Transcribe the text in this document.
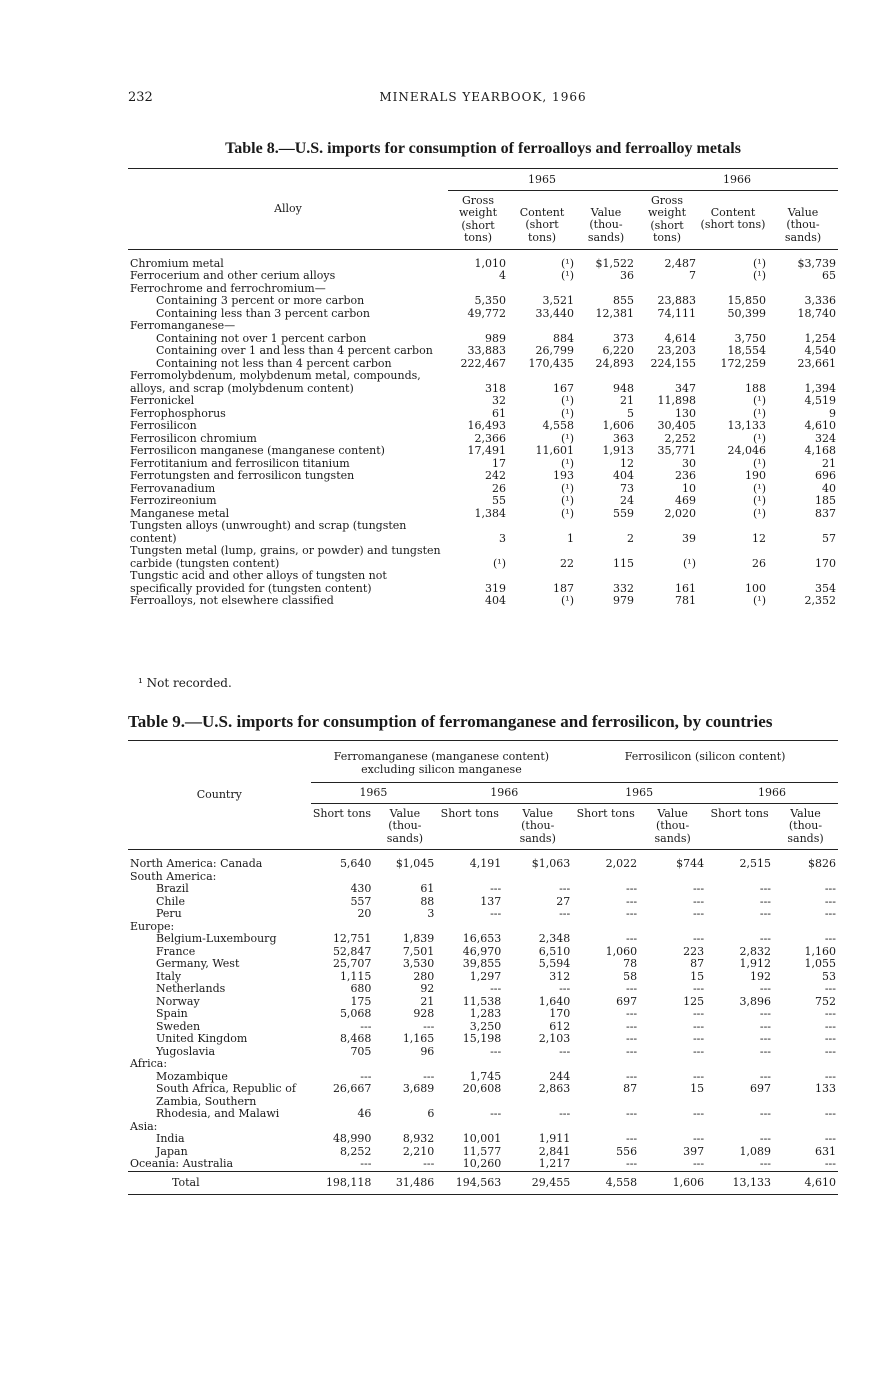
232	MINERALS YEARBOOK, 1966
Table 8.—U.S. imports for consumption of ferroalloys and ferroalloy metals
Alloy	1965			1966		
	Gross weight (short tons)	Content (short tons)	Value (thou- sands)	Gross weight (short tons)	Content (short tons)	Value (thou- sands)
Chromium metal	1,010	(¹)	$1,522	2,487	(¹)	$3,739
Ferrocerium and other cerium alloys	4	(¹)	36	7	(¹)	65
Ferrochrome and ferrochromium—						
Containing 3 percent or more carbon	5,350	3,521	855	23,883	15,850	3,336
Containing less than 3 percent carbon	49,772	33,440	12,381	74,111	50,399	18,740
Ferromanganese—						
Containing not over 1 percent carbon	989	884	373	4,614	3,750	1,254
Containing over 1 and less than 4 percent carbon	33,883	26,799	6,220	23,203	18,554	4,540
Containing not less than 4 percent carbon	222,467	170,435	24,893	224,155	172,259	23,661
Ferromolybdenum, molybdenum metal, compounds, alloys, and scrap (molybdenum content)	318	167	948	347	188	1,394
Ferronickel	32	(¹)	21	11,898	(¹)	4,519
Ferrophosphorus	61	(¹)	5	130	(¹)	9
Ferrosilicon	16,493	4,558	1,606	30,405	13,133	4,610
Ferrosilicon chromium	2,366	(¹)	363	2,252	(¹)	324
Ferrosilicon manganese (manganese content)	17,491	11,601	1,913	35,771	24,046	4,168
Ferrotitanium and ferrosilicon titanium	17	(¹)	12	30	(¹)	21
Ferrotungsten and ferrosilicon tungsten	242	193	404	236	190	696
Ferrovanadium	26	(¹)	73	10	(¹)	40
Ferrozireonium	55	(¹)	24	469	(¹)	185
Manganese metal	1,384	(¹)	559	2,020	(¹)	837
Tungsten alloys (unwrought) and scrap (tungsten content)	3	1	2	39	12	57
Tungsten metal (lump, grains, or powder) and tungsten carbide (tungsten content)	(¹)	22	115	(¹)	26	170
Tungstic acid and other alloys of tungsten not specifically provided for (tungsten content)	319	187	332	161	100	354
Ferroalloys, not elsewhere classified	404	(¹)	979	781	(¹)	2,352
¹ Not recorded.
Table 9.—U.S. imports for consumption of ferromanganese and ferrosilicon, by countries
Country	Ferromanganese (manganese content) excluding silicon manganese				Ferrosilicon (silicon content)			
	1965		1966		1965		1966	
	Short tons	Value (thou- sands)	Short tons	Value (thou- sands)	Short tons	Value (thou- sands)	Short tons	Value (thou- sands)
North America: Canada	5,640	$1,045	4,191	$1,063	2,022	$744	2,515	$826
South America:								
Brazil	430	61	---	---	---	---	---	---
Chile	557	88	137	27	---	---	---	---
Peru	20	3	---	---	---	---	---	---
Europe:								
Belgium-Luxembourg	12,751	1,839	16,653	2,348	---	---	---	---
France	52,847	7,501	46,970	6,510	1,060	223	2,832	1,160
Germany, West	25,707	3,530	39,855	5,594	78	87	1,912	1,055
Italy	1,115	280	1,297	312	58	15	192	53
Netherlands	680	92	---	---	---	---	---	---
Norway	175	21	11,538	1,640	697	125	3,896	752
Spain	5,068	928	1,283	170	---	---	---	---
Sweden	---	---	3,250	612	---	---	---	---
United Kingdom	8,468	1,165	15,198	2,103	---	---	---	---
Yugoslavia	705	96	---	---	---	---	---	---
Africa:								
Mozambique	---	---	1,745	244	---	---	---	---
South Africa, Republic of	26,667	3,689	20,608	2,863	87	15	697	133
Zambia, Southern Rhodesia, and Malawi	46	6	---	---	---	---	---	---
Asia:								
India	48,990	8,932	10,001	1,911	---	---	---	---
Japan	8,252	2,210	11,577	2,841	556	397	1,089	631
Oceania: Australia	---	---	10,260	1,217	---	---	---	---
Total	198,118	31,486	194,563	29,455	4,558	1,606	13,133	4,610
